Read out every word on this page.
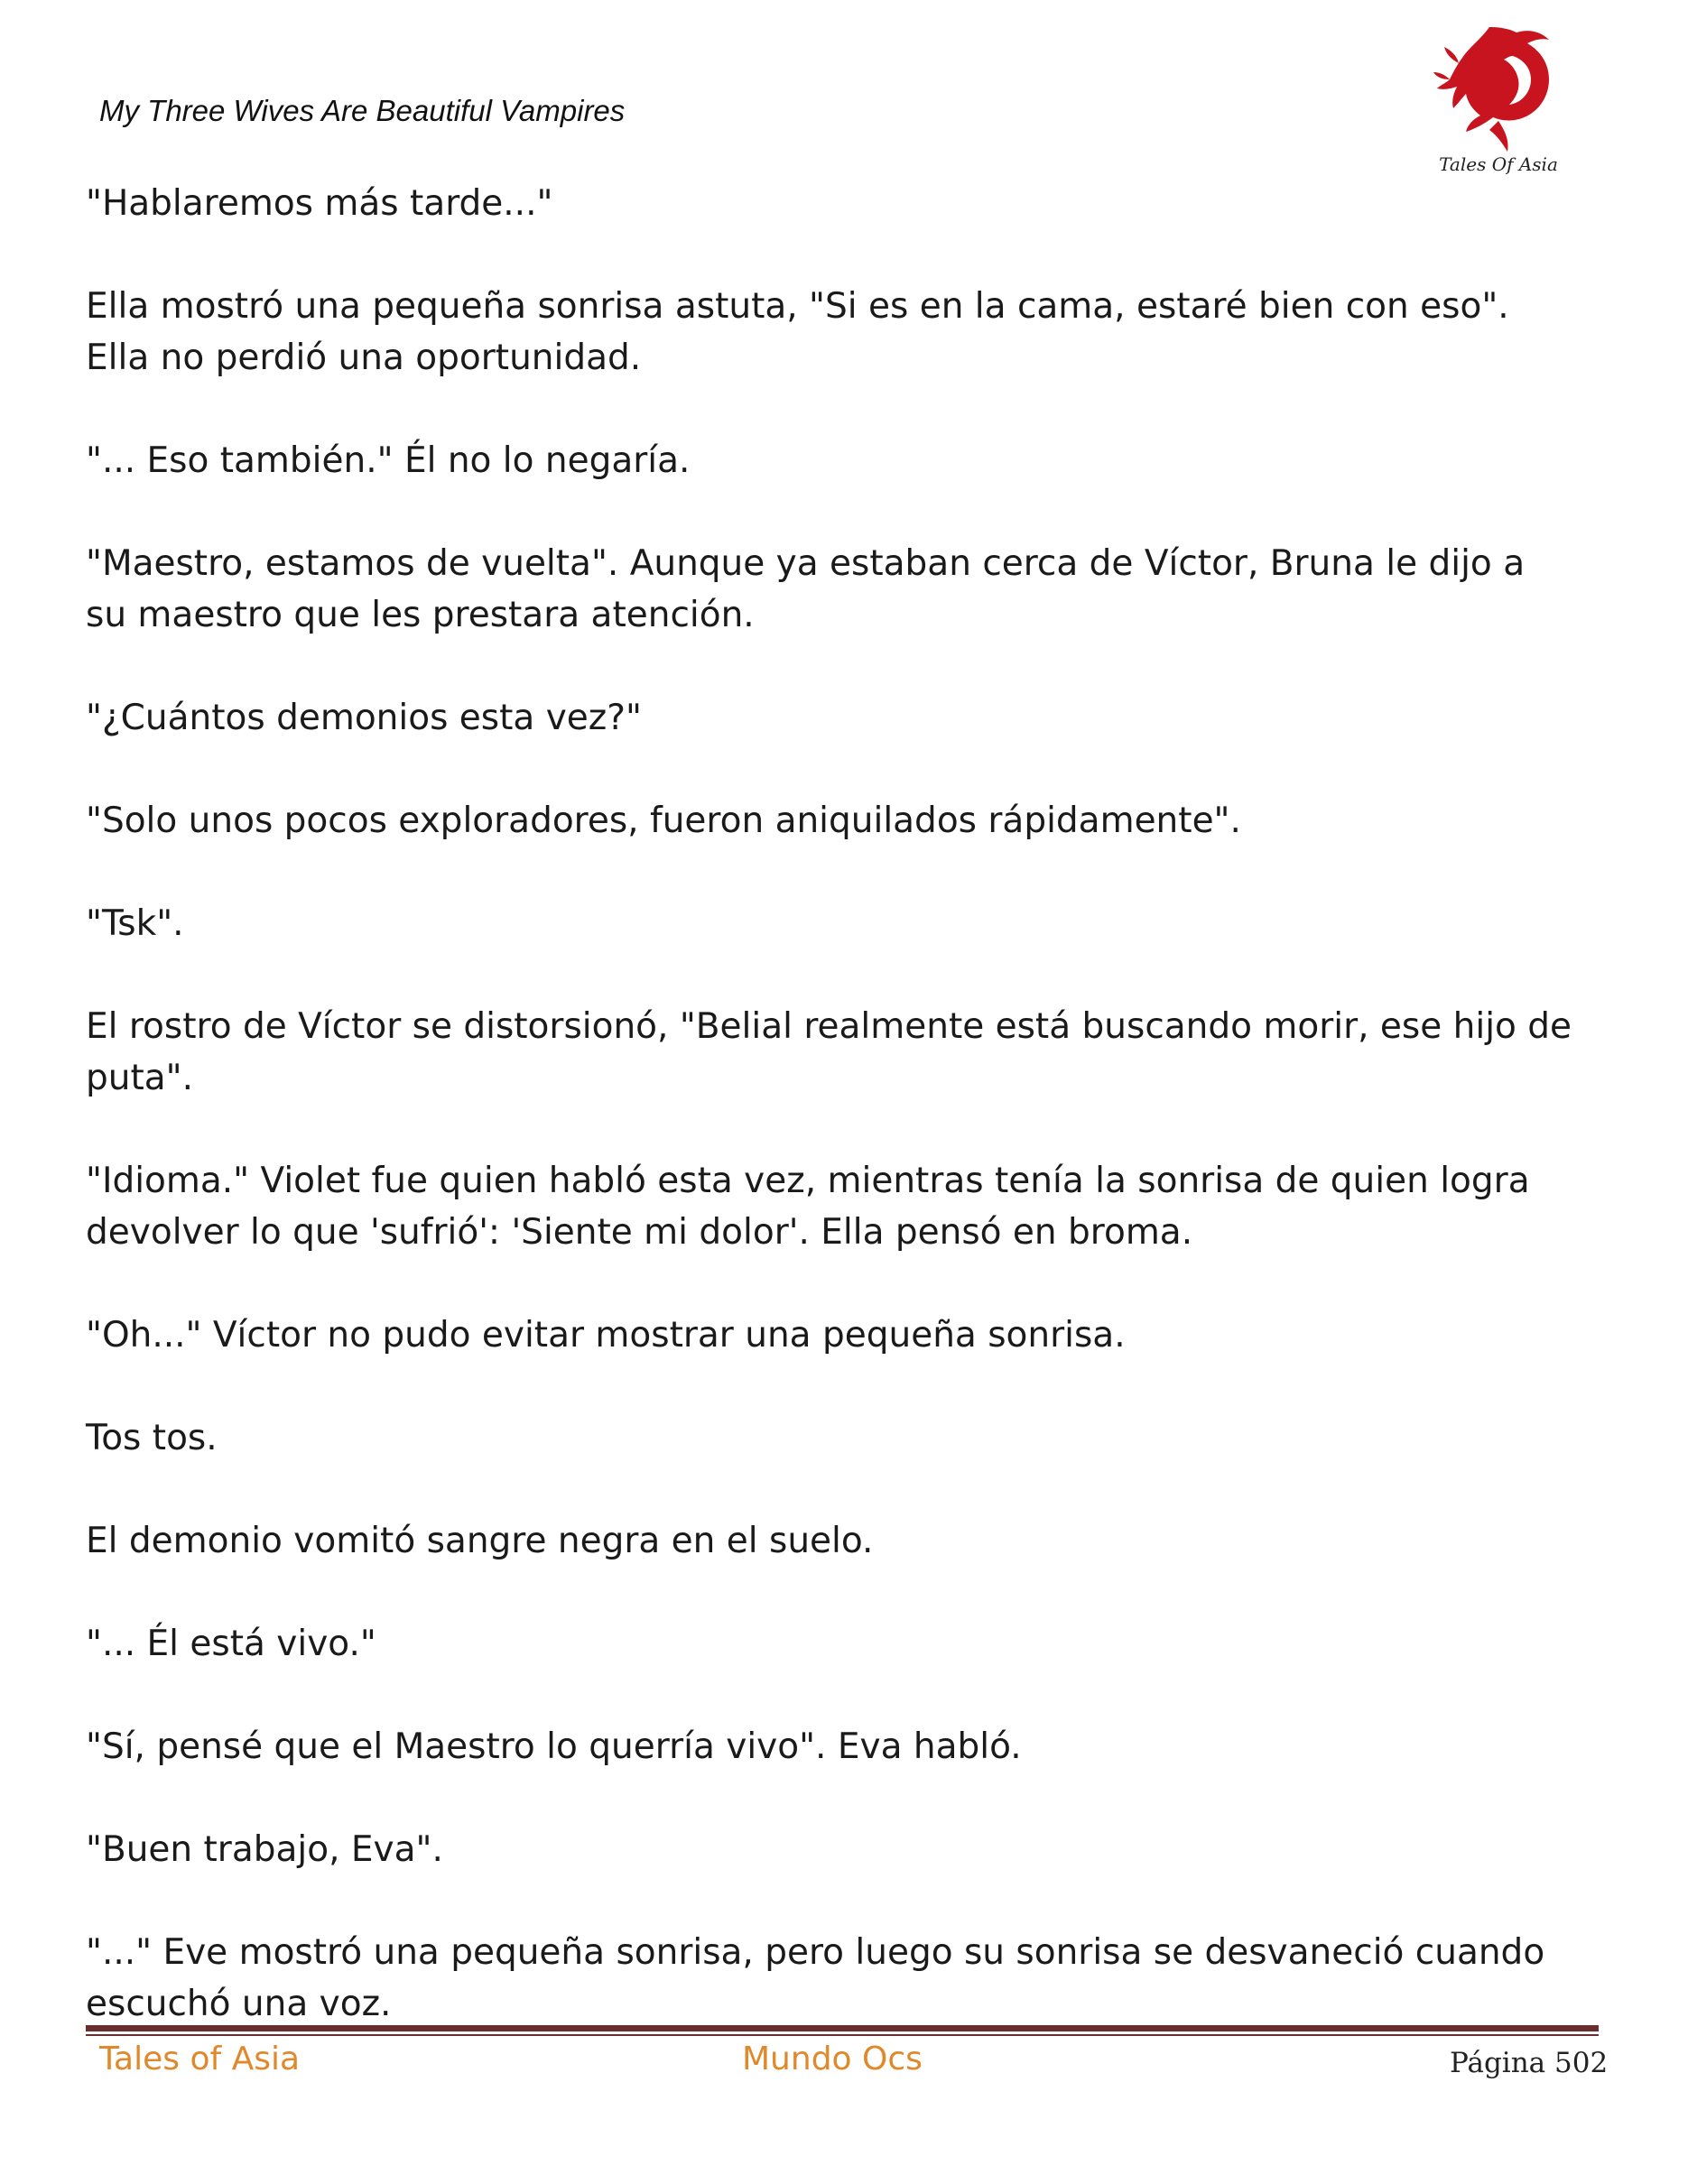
My Three Wives Are Beautiful Vampires
Tales Of Asia

"Hablaremos más tarde..."

Ella mostró una pequeña sonrisa astuta, "Si es en la cama, estaré bien con eso". Ella no perdió una oportunidad.

"... Eso también." Él no lo negaría.

"Maestro, estamos de vuelta". Aunque ya estaban cerca de Víctor, Bruna le dijo a su maestro que les prestara atención.

"¿Cuántos demonios esta vez?"

"Solo unos pocos exploradores, fueron aniquilados rápidamente".

"Tsk".

El rostro de Víctor se distorsionó, "Belial realmente está buscando morir, ese hijo de puta".

"Idioma." Violet fue quien habló esta vez, mientras tenía la sonrisa de quien logra devolver lo que 'sufrió': 'Siente mi dolor'. Ella pensó en broma.

"Oh..." Víctor no pudo evitar mostrar una pequeña sonrisa.

Tos tos.

El demonio vomitó sangre negra en el suelo.

"... Él está vivo."

"Sí, pensé que el Maestro lo querría vivo". Eva habló.

"Buen trabajo, Eva".

"..." Eve mostró una pequeña sonrisa, pero luego su sonrisa se desvaneció cuando escuchó una voz.

Tales of Asia	Mundo Ocs	Página 502
